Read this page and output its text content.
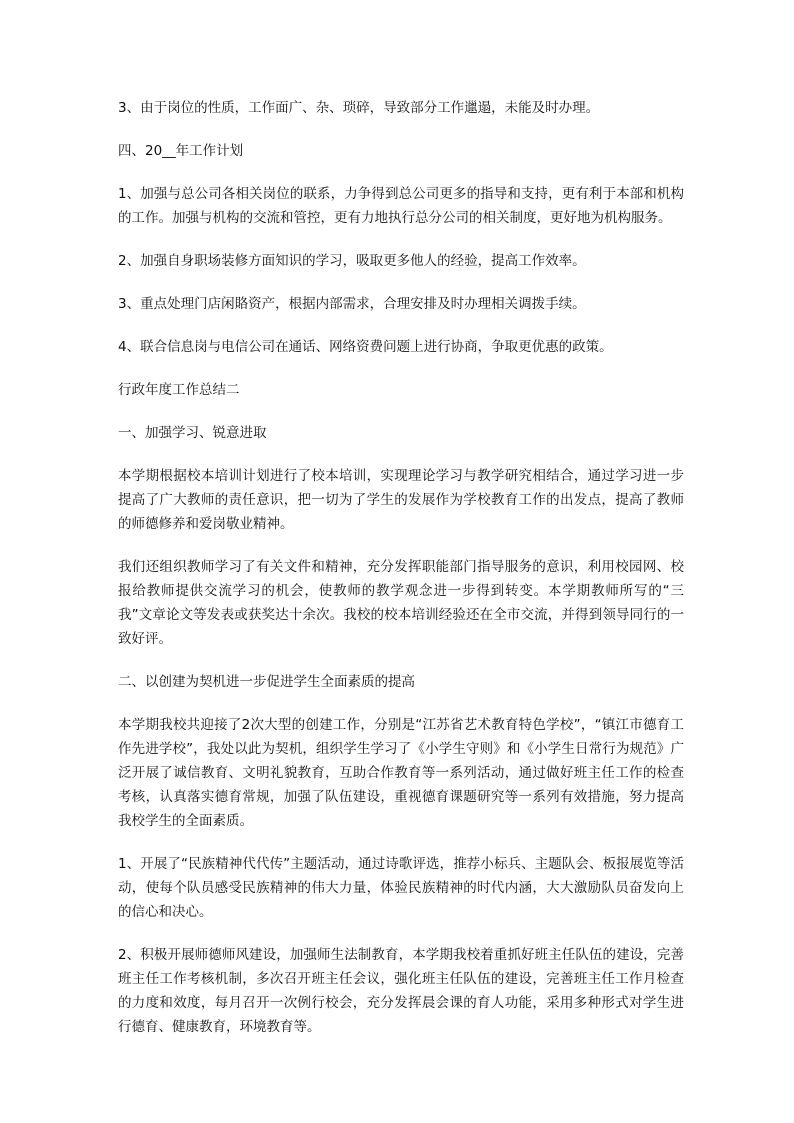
3、由于岗位的性质，工作面广、杂、琐碎，导致部分工作邋遢，未能及时办理。

四、20__年工作计划

1、加强与总公司各相关岗位的联系，力争得到总公司更多的指导和支持，更有利于本部和机构的工作。加强与机构的交流和管控，更有力地执行总分公司的相关制度，更好地为机构服务。

2、加强自身职场装修方面知识的学习，吸取更多他人的经验，提高工作效率。

3、重点处理门店闲賂资产，根据内部需求，合理安排及时办理相关调拨手续。

4、联合信息岗与电信公司在通话、网络资费问题上进行协商，争取更优惠的政策。

行政年度工作总结二

一、加强学习、锐意进取

本学期根据校本培训计划进行了校本培训，实现理论学习与教学研究相结合，通过学习进一步提高了广大教师的责任意识，把一切为了学生的发展作为学校教育工作的出发点，提高了教师的师德修养和爱岗敬业精神。

我们还组织教师学习了有关文件和精神，充分发挥职能部门指导服务的意识，利用校园网、校报给教师提供交流学习的机会，使教师的教学观念进一步得到转变。本学期教师所写的“三我”文章论文等发表或获奖达十余次。我校的校本培训经验还在全市交流，并得到领导同行的一致好评。

二、以创建为契机进一步促进学生全面素质的提高

本学期我校共迎接了2次大型的创建工作，分别是“江苏省艺术教育特色学校”，“镇江市德育工作先进学校”，我处以此为契机，组织学生学习了《小学生守则》和《小学生日常行为规范》广泛开展了诚信教育、文明礼貌教育，互助合作教育等一系列活动，通过做好班主任工作的检查考核，认真落实德育常规，加强了队伍建设，重视德育课题研究等一系列有效措施，努力提高我校学生的全面素质。

1、开展了“民族精神代代传”主题活动，通过诗歌评选，推荐小标兵、主题队会、板报展览等活动，使每个队员感受民族精神的伟大力量，体验民族精神的时代内涵，大大激励队员奋发向上的信心和决心。

2、积极开展师德师风建设，加强师生法制教育，本学期我校着重抓好班主任队伍的建设，完善班主任工作考核机制，多次召开班主任会议，强化班主任队伍的建设，完善班主任工作月检查的力度和效度，每月召开一次例行校会，充分发挥晨会课的育人功能，采用多种形式对学生进行德育、健康教育，环境教育等。
